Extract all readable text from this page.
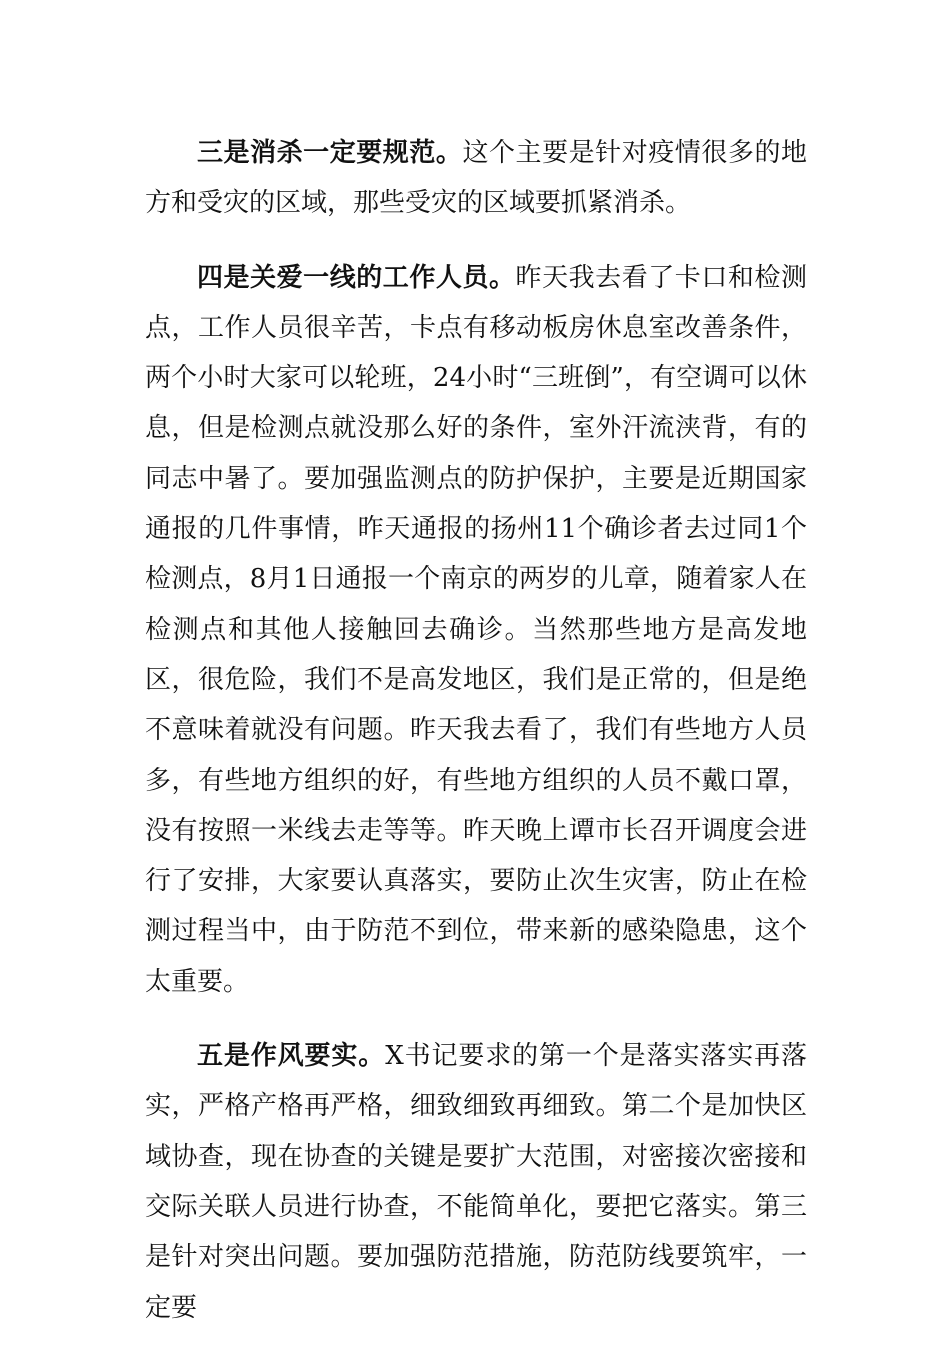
三是消杀一定要规范。这个主要是针对疫情很多的地方和受灾的区域，那些受灾的区域要抓紧消杀。

四是关爱一线的工作人员。昨天我去看了卡口和检测点，工作人员很辛苦，卡点有移动板房休息室改善条件，两个小时大家可以轮班，24小时“三班倒”，有空调可以休息，但是检测点就没那么好的条件，室外汗流浃背，有的同志中暑了。要加强监测点的防护保护，主要是近期国家通报的几件事情，昨天通报的扬州11个确诊者去过同1个检测点，8月1日通报一个南京的两岁的儿章，随着家人在检测点和其他人接触回去确诊。当然那些地方是高发地区，很危险，我们不是高发地区，我们是正常的，但是绝不意味着就没有问题。昨天我去看了，我们有些地方人员多，有些地方组织的好，有些地方组织的人员不戴口罩，没有按照一米线去走等等。昨天晚上谭市长召开调度会进行了安排，大家要认真落实，要防止次生灾害，防止在检测过程当中，由于防范不到位，带来新的感染隐患，这个太重要。

五是作风要实。X书记要求的第一个是落实落实再落实，严格产格再严格，细致细致再细致。第二个是加快区域协查，现在协查的关键是要扩大范围，对密接次密接和交际关联人员进行协查，不能简单化，要把它落实。第三是针对突出问题。要加强防范措施，防范防线要筑牢，一定要
